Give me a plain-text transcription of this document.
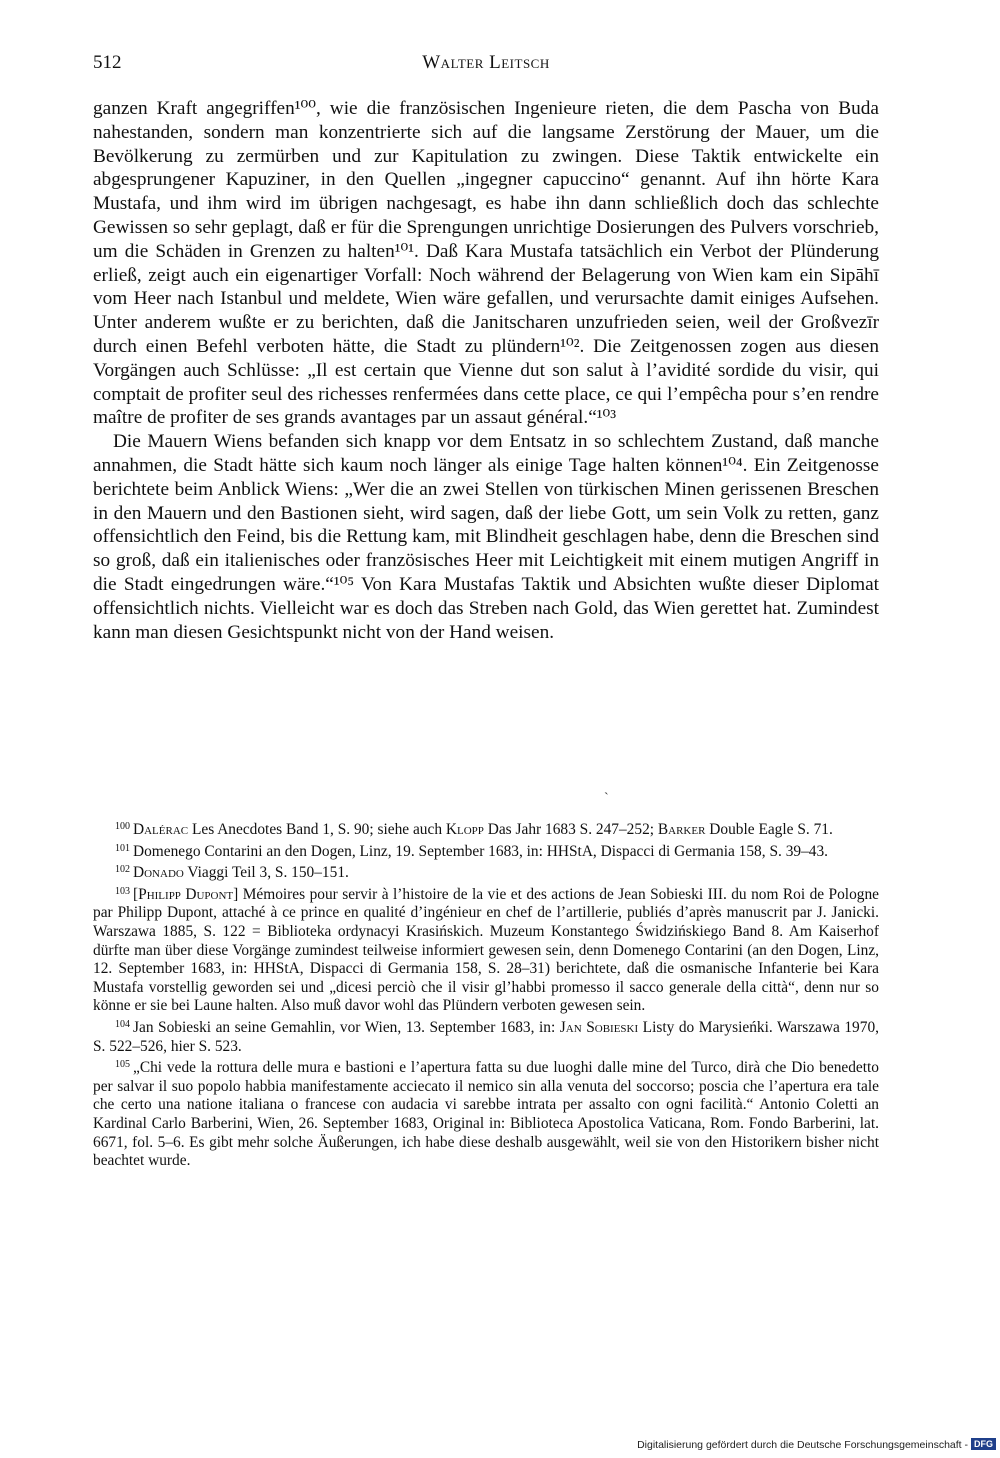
512	Walter Leitsch

ganzen Kraft angegriffen¹⁰⁰, wie die französischen Ingenieure rieten, die dem Pascha von Buda nahestanden, sondern man konzentrierte sich auf die langsame Zerstörung der Mauer, um die Bevölkerung zu zermürben und zur Kapitulation zu zwingen. Diese Taktik entwickelte ein abgesprungener Kapuziner, in den Quellen „ingegner capuccino“ genannt. Auf ihn hörte Kara Mustafa, und ihm wird im übrigen nachgesagt, es habe ihn dann schließlich doch das schlechte Gewissen so sehr geplagt, daß er für die Sprengungen unrichtige Dosierungen des Pulvers vorschrieb, um die Schäden in Grenzen zu halten¹⁰¹. Daß Kara Mustafa tatsächlich ein Verbot der Plünderung erließ, zeigt auch ein eigenartiger Vorfall: Noch während der Belagerung von Wien kam ein Sipāhī vom Heer nach Istanbul und meldete, Wien wäre gefallen, und verursachte damit einiges Aufsehen. Unter anderem wußte er zu berichten, daß die Janitscharen unzufrieden seien, weil der Großvezīr durch einen Befehl verboten hätte, die Stadt zu plündern¹⁰². Die Zeitgenossen zogen aus diesen Vorgängen auch Schlüsse: „Il est certain que Vienne dut son salut à l’avidité sordide du visir, qui comptait de profiter seul des richesses renfermées dans cette place, ce qui l’empêcha pour s’en rendre maître de profiter de ses grands avantages par un assaut général.“¹⁰³

Die Mauern Wiens befanden sich knapp vor dem Entsatz in so schlechtem Zustand, daß manche annahmen, die Stadt hätte sich kaum noch länger als einige Tage halten können¹⁰⁴. Ein Zeitgenosse berichtete beim Anblick Wiens: „Wer die an zwei Stellen von türkischen Minen gerissenen Breschen in den Mauern und den Bastionen sieht, wird sagen, daß der liebe Gott, um sein Volk zu retten, ganz offensichtlich den Feind, bis die Rettung kam, mit Blindheit geschlagen habe, denn die Breschen sind so groß, daß ein italienisches oder französisches Heer mit Leichtigkeit mit einem mutigen Angriff in die Stadt eingedrungen wäre.“¹⁰⁵ Von Kara Mustafas Taktik und Absichten wußte dieser Diplomat offensichtlich nichts. Vielleicht war es doch das Streben nach Gold, das Wien gerettet hat. Zumindest kann man diesen Gesichtspunkt nicht von der Hand weisen.

`

$^{100}$ Dalérac Les Anecdotes Band 1, S. 90; siehe auch Klopp Das Jahr 1683 S. 247–252; Barker Double Eagle S. 71.

$^{101}$ Domenego Contarini an den Dogen, Linz, 19. September 1683, in: HHStA, Dispacci di Germania 158, S. 39–43.

$^{102}$ Donado Viaggi Teil 3, S. 150–151.

$^{103}$ [Philipp Dupont] Mémoires pour servir à l’histoire de la vie et des actions de Jean Sobieski III. du nom Roi de Pologne par Philipp Dupont, attaché à ce prince en qualité d’ingénieur en chef de l’artillerie, publiés d’après manuscrit par J. Janicki. Warszawa 1885, S. 122 = Biblioteka ordynacyi Krasińskich. Muzeum Konstantego Świdzińskiego Band 8. Am Kaiserhof dürfte man über diese Vorgänge zumindest teilweise informiert gewesen sein, denn Domenego Contarini (an den Dogen, Linz, 12. September 1683, in: HHStA, Dispacci di Germania 158, S. 28–31) berichtete, daß die osmanische Infanterie bei Kara Mustafa vorstellig geworden sei und „dicesi perciò che il visir gl’habbi promesso il sacco generale della città“, denn nur so könne er sie bei Laune halten. Also muß davor wohl das Plündern verboten gewesen sein.

$^{104}$ Jan Sobieski an seine Gemahlin, vor Wien, 13. September 1683, in: Jan Sobieski Listy do Marysieńki. Warszawa 1970, S. 522–526, hier S. 523.

$^{105}$ „Chi vede la rottura delle mura e bastioni e l’apertura fatta su due luoghi dalle mine del Turco, dirà che Dio benedetto per salvar il suo popolo habbia manifestamente acciecato il nemico sin alla venuta del soccorso; poscia che l’apertura era tale che certo una natione italiana o francese con audacia vi sarebbe intrata per assalto con ogni facilità.“ Antonio Coletti an Kardinal Carlo Barberini, Wien, 26. September 1683, Original in: Biblioteca Apostolica Vaticana, Rom. Fondo Barberini, lat. 6671, fol. 5–6. Es gibt mehr solche Äußerungen, ich habe diese deshalb ausgewählt, weil sie von den Historikern bisher nicht beachtet wurde.

Digitalisierung gefördert durch die Deutsche Forschungsgemeinschaft - DFG
